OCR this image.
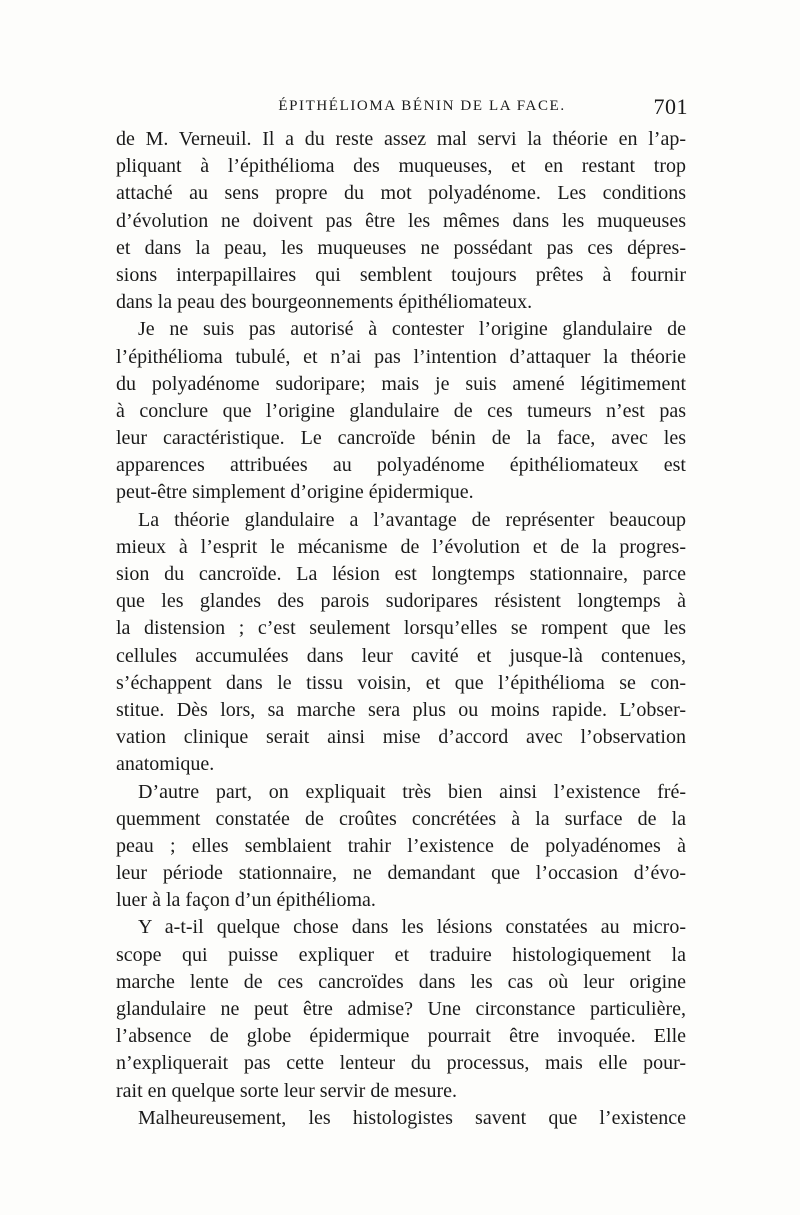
ÉPITHÉLIOMA BÉNIN DE LA FACE.	701
de M. Verneuil. Il a du reste assez mal servi la théorie en l’ap-
pliquant à l’épithélioma des muqueuses, et en restant trop
attaché au sens propre du mot polyadénome. Les conditions
d’évolution ne doivent pas être les mêmes dans les muqueuses
et dans la peau, les muqueuses ne possédant pas ces dépres-
sions interpapillaires qui semblent toujours prêtes à fournir
dans la peau des bourgeonnements épithéliomateux.
Je ne suis pas autorisé à contester l’origine glandulaire de
l’épithélioma tubulé, et n’ai pas l’intention d’attaquer la théorie
du polyadénome sudoripare; mais je suis amené légitimement
à conclure que l’origine glandulaire de ces tumeurs n’est pas
leur caractéristique. Le cancroïde bénin de la face, avec les
apparences attribuées au polyadénome épithéliomateux est
peut-être simplement d’origine épidermique.
La théorie glandulaire a l’avantage de représenter beaucoup
mieux à l’esprit le mécanisme de l’évolution et de la progres-
sion du cancroïde. La lésion est longtemps stationnaire, parce
que les glandes des parois sudoripares résistent longtemps à
la distension ; c’est seulement lorsqu’elles se rompent que les
cellules accumulées dans leur cavité et jusque-là contenues,
s’échappent dans le tissu voisin, et que l’épithélioma se con-
stitue. Dès lors, sa marche sera plus ou moins rapide. L’obser-
vation clinique serait ainsi mise d’accord avec l’observation
anatomique.
D’autre part, on expliquait très bien ainsi l’existence fré-
quemment constatée de croûtes concrétées à la surface de la
peau ; elles semblaient trahir l’existence de polyadénomes à
leur période stationnaire, ne demandant que l’occasion d’évo-
luer à la façon d’un épithélioma.
Y a-t-il quelque chose dans les lésions constatées au micro-
scope qui puisse expliquer et traduire histologiquement la
marche lente de ces cancroïdes dans les cas où leur origine
glandulaire ne peut être admise? Une circonstance particulière,
l’absence de globe épidermique pourrait être invoquée. Elle
n’expliquerait pas cette lenteur du processus, mais elle pour-
rait en quelque sorte leur servir de mesure.
Malheureusement, les histologistes savent que l’existence
